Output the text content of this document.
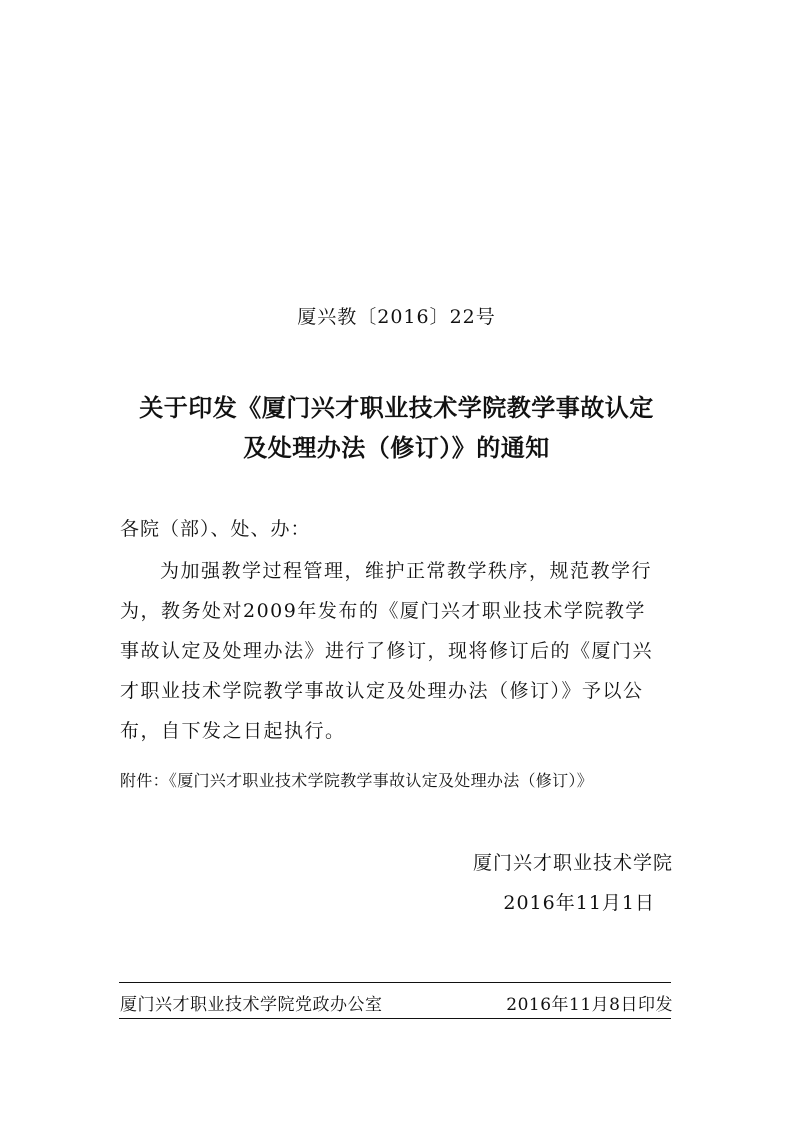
厦兴教〔2016〕22号
关于印发《厦门兴才职业技术学院教学事故认定
及处理办法（修订）》的通知
各院（部）、处、办：
为加强教学过程管理，维护正常教学秩序，规范教学行
为，教务处对2009年发布的《厦门兴才职业技术学院教学
事故认定及处理办法》进行了修订，现将修订后的《厦门兴
才职业技术学院教学事故认定及处理办法（修订）》予以公
布，自下发之日起执行。
附件：《厦门兴才职业技术学院教学事故认定及处理办法（修订）》
厦门兴才职业技术学院
2016年11月1日
厦门兴才职业技术学院党政办公室	2016年11月8日印发
